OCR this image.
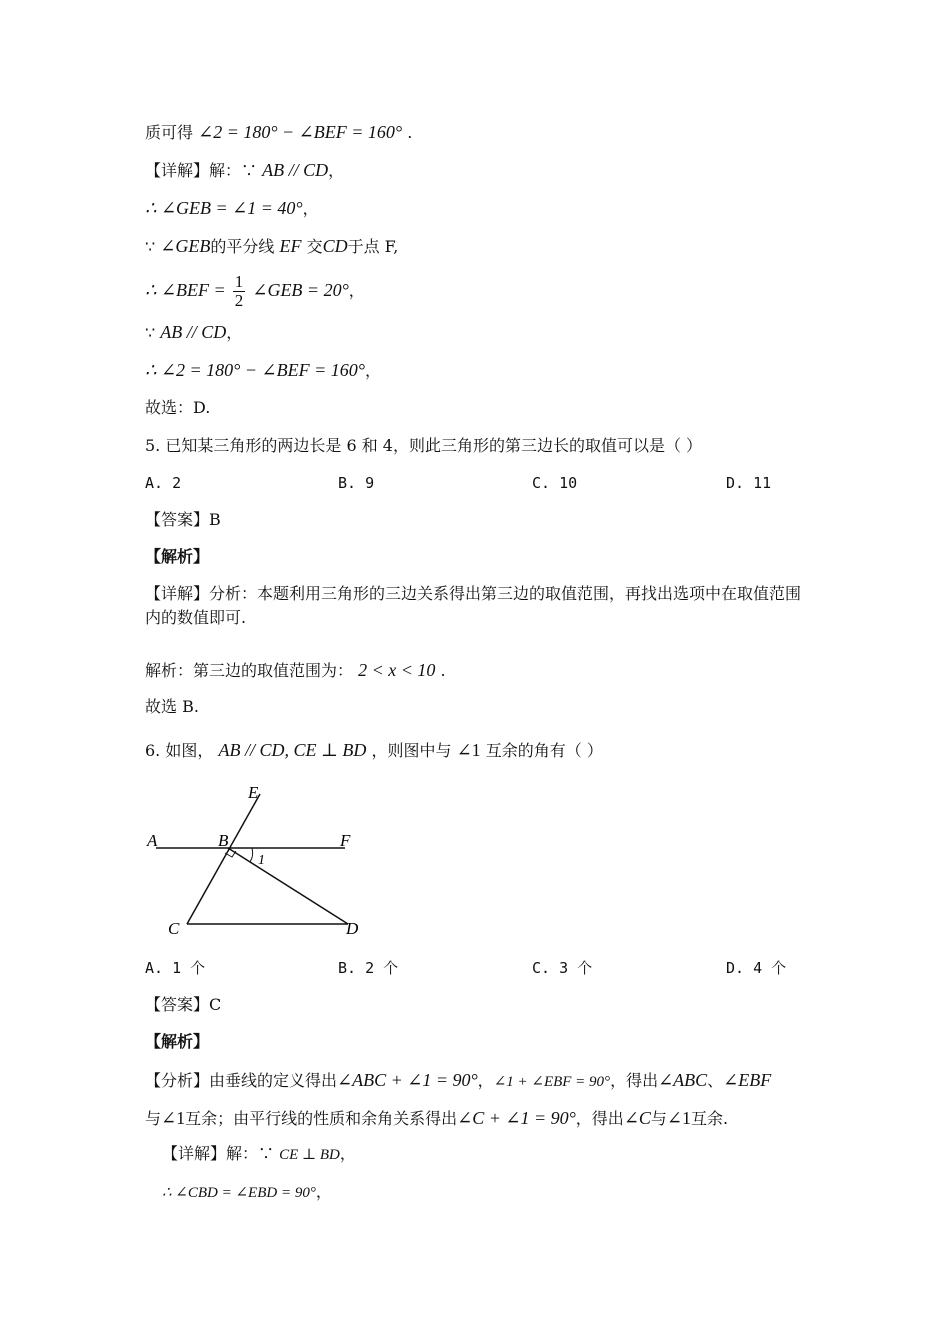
质可得 ∠2 = 180° − ∠BEF = 160° .
【详解】解：∵ AB // CD，
∴ ∠GEB = ∠1 = 40°，
∵ ∠GEB的平分线 EF 交CD于点 F,
∴ ∠BEF = $\frac{1}{2}$ ∠GEB = 20°，
∵ AB // CD，
∴ ∠2 = 180° − ∠BEF = 160°，
故选：D.
5. 已知某三角形的两边长是 6 和 4，则此三角形的第三边长的取值可以是（ ）
A. 2	B. 9	C. 10	D. 11
【答案】B
【解析】
【详解】分析：本题利用三角形的三边关系得出第三边的取值范围，再找出选项中在取值范围内的数值即可.
解析：第三边的取值范围为： 2 < x < 10 .
故选 B.
6. 如图， AB // CD, CE ⊥ BD ，则图中与 ∠1 互余的角有（ ）
A	B
E
F
C	D
1
A. 1 个	B. 2 个	C. 3 个	D. 4 个
【答案】C
【解析】
【分析】由垂线的定义得出∠ABC + ∠1 = 90°，∠1 + ∠EBF = 90°，得出∠ABC、∠EBF
与∠1互余；由平行线的性质和余角关系得出∠C + ∠1 = 90°，得出∠C与∠1互余.
【详解】解：∵ CE ⊥ BD，
∴ ∠CBD = ∠EBD = 90°，
